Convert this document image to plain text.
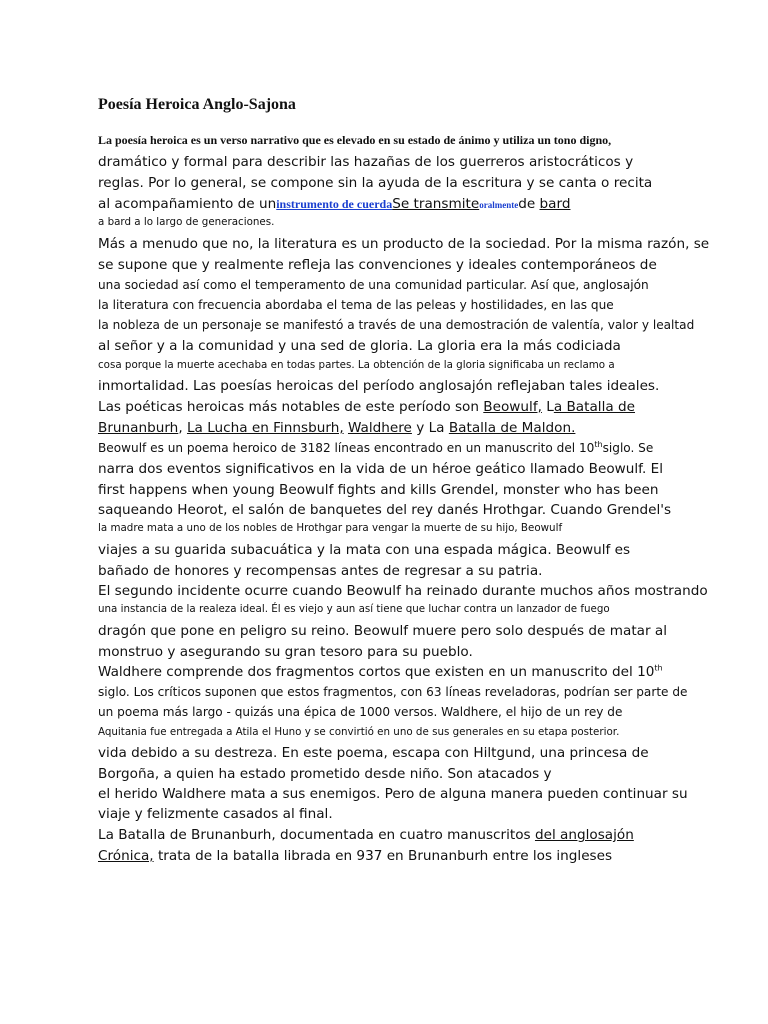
Poesía Heroica Anglo-Sajona
La poesía heroica es un verso narrativo que es elevado en su estado de ánimo y utiliza un tono digno,
dramático y formal para describir las hazañas de los guerreros aristocráticos y
reglas. Por lo general, se compone sin la ayuda de la escritura y se canta o recita
al acompañamiento de uninstrumento de cuerdaSe transmiteoralmentede bard
a bard a lo largo de generaciones.
Más a menudo que no, la literatura es un producto de la sociedad. Por la misma razón, se
se supone que y realmente refleja las convenciones y ideales contemporáneos de
una sociedad así como el temperamento de una comunidad particular. Así que, anglosajón
la literatura con frecuencia abordaba el tema de las peleas y hostilidades, en las que
la nobleza de un personaje se manifestó a través de una demostración de valentía, valor y lealtad
al señor y a la comunidad y una sed de gloria. La gloria era la más codiciada
cosa porque la muerte acechaba en todas partes. La obtención de la gloria significaba un reclamo a
inmortalidad. Las poesías heroicas del período anglosajón reflejaban tales ideales.
Las poéticas heroicas más notables de este período son Beowulf, La Batalla de
Brunanburh, La Lucha en Finnsburh, Waldhere y La Batalla de Maldon.
Beowulf es un poema heroico de 3182 líneas encontrado en un manuscrito del 10thsiglo. Se
narra dos eventos significativos en la vida de un héroe geático llamado Beowulf. El
first happens when young Beowulf fights and kills Grendel, monster who has been
saqueando Heorot, el salón de banquetes del rey danés Hrothgar. Cuando Grendel's
la madre mata a uno de los nobles de Hrothgar para vengar la muerte de su hijo, Beowulf
viajes a su guarida subacuática y la mata con una espada mágica. Beowulf es
bañado de honores y recompensas antes de regresar a su patria.
El segundo incidente ocurre cuando Beowulf ha reinado durante muchos años mostrando
una instancia de la realeza ideal. Él es viejo y aun así tiene que luchar contra un lanzador de fuego
dragón que pone en peligro su reino. Beowulf muere pero solo después de matar al
monstruo y asegurando su gran tesoro para su pueblo.
Waldhere comprende dos fragmentos cortos que existen en un manuscrito del 10th
siglo. Los críticos suponen que estos fragmentos, con 63 líneas reveladoras, podrían ser parte de
un poema más largo - quizás una épica de 1000 versos. Waldhere, el hijo de un rey de
Aquitania fue entregada a Atila el Huno y se convirtió en uno de sus generales en su etapa posterior.
vida debido a su destreza. En este poema, escapa con Hiltgund, una princesa de
Borgoña, a quien ha estado prometido desde niño. Son atacados y
el herido Waldhere mata a sus enemigos. Pero de alguna manera pueden continuar su
viaje y felizmente casados al final.
La Batalla de Brunanburh, documentada en cuatro manuscritos del anglosajón
Crónica, trata de la batalla librada en 937 en Brunanburh entre los ingleses
